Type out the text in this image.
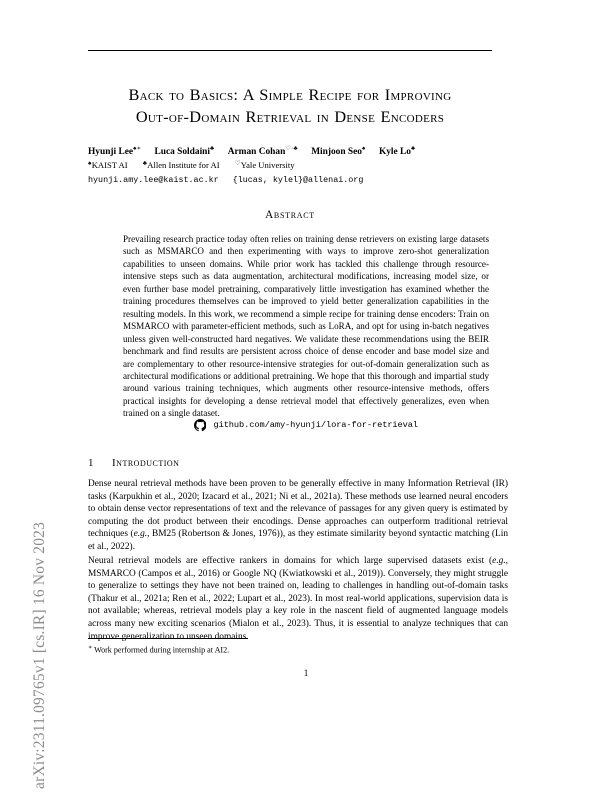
arXiv:2311.09765v1 [cs.IR] 16 Nov 2023
Back to Basics: A Simple Recipe for Improving
Out-of-Domain Retrieval in Dense Encoders
Hyunji Lee♠∗ Luca Soldaini♣ Arman Cohan♡·♣ Minjoon Seo♠ Kyle Lo♣
♠KAIST AI ♣Allen Institute for AI ♡Yale University
hyunji.amy.lee@kaist.ac.kr {lucas, kylel}@allenai.org
Abstract
Prevailing research practice today often relies on training dense retrievers on existing large datasets such as MSMARCO and then experimenting with ways to improve zero-shot generalization capabilities to unseen domains. While prior work has tackled this challenge through resource-intensive steps such as data augmentation, architectural modifications, increasing model size, or even further base model pretraining, comparatively little investigation has examined whether the training procedures themselves can be improved to yield better generalization capabilities in the resulting models. In this work, we recommend a simple recipe for training dense encoders: Train on MSMARCO with parameter-efficient methods, such as LoRA, and opt for using in-batch negatives unless given well-constructed hard negatives. We validate these recommendations using the BEIR benchmark and find results are persistent across choice of dense encoder and base model size and are complementary to other resource-intensive strategies for out-of-domain generalization such as architectural modifications or additional pretraining. We hope that this thorough and impartial study around various training techniques, which augments other resource-intensive methods, offers practical insights for developing a dense retrieval model that effectively generalizes, even when trained on a single dataset.
github.com/amy-hyunji/lora-for-retrieval
1 Introduction
Dense neural retrieval methods have been proven to be generally effective in many Information Retrieval (IR) tasks (Karpukhin et al., 2020; Izacard et al., 2021; Ni et al., 2021a). These methods use learned neural encoders to obtain dense vector representations of text and the relevance of passages for any given query is estimated by computing the dot product between their encodings. Dense approaches can outperform traditional retrieval techniques (e.g., BM25 (Robertson & Jones, 1976)), as they estimate similarity beyond syntactic matching (Lin et al., 2022).
Neural retrieval models are effective rankers in domains for which large supervised datasets exist (e.g., MSMARCO (Campos et al., 2016) or Google NQ (Kwiatkowski et al., 2019)). Conversely, they might struggle to generalize to settings they have not been trained on, leading to challenges in handling out-of-domain tasks (Thakur et al., 2021a; Ren et al., 2022; Lupart et al., 2023). In most real-world applications, supervision data is not available; whereas, retrieval models play a key role in the nascent field of augmented language models across many new exciting scenarios (Mialon et al., 2023). Thus, it is essential to analyze techniques that can improve generalization to unseen domains.
∗ Work performed during internship at AI2.
1
